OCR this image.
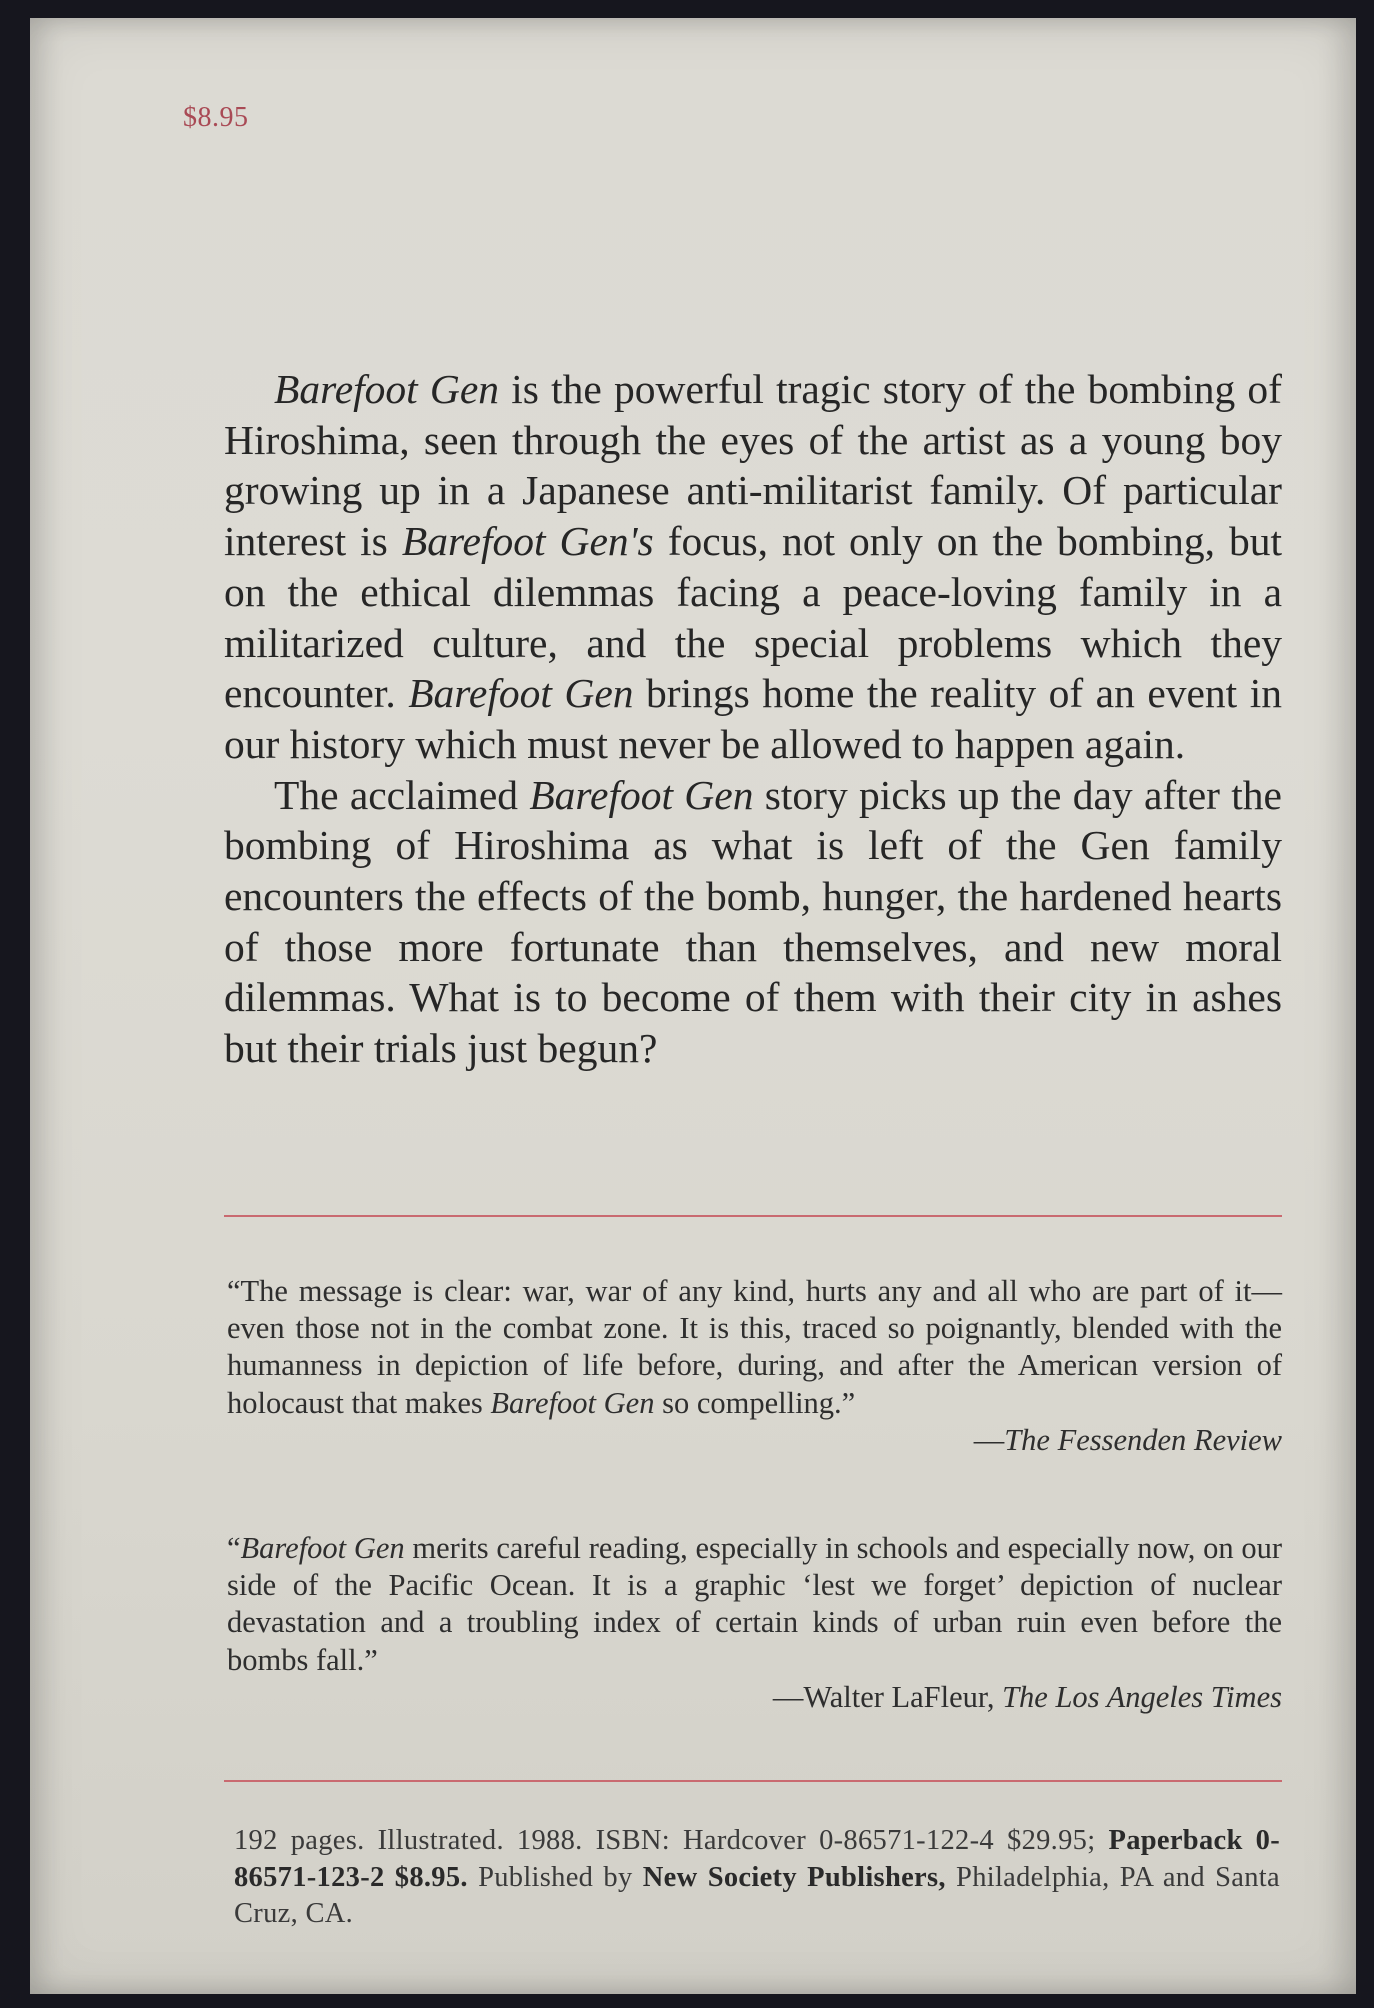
$8.95

Barefoot Gen is the powerful tragic story of the bombing of Hiroshima, seen through the eyes of the artist as a young boy growing up in a Japanese anti-militarist family. Of particular interest is Barefoot Gen's focus, not only on the bombing, but on the ethical dilemmas facing a peace-loving family in a militarized culture, and the special problems which they encounter. Barefoot Gen brings home the reality of an event in our history which must never be allowed to happen again.

The acclaimed Barefoot Gen story picks up the day after the bombing of Hiroshima as what is left of the Gen family encounters the effects of the bomb, hunger, the hardened hearts of those more fortunate than themselves, and new moral dilemmas. What is to become of them with their city in ashes but their trials just begun?

“The message is clear: war, war of any kind, hurts any and all who are part of it—even those not in the combat zone. It is this, traced so poignantly, blended with the humanness in depiction of life before, during, and after the American version of holocaust that makes Barefoot Gen so compelling.”

—The Fessenden Review

“Barefoot Gen merits careful reading, especially in schools and especially now, on our side of the Pacific Ocean. It is a graphic ‘lest we forget’ depiction of nuclear devastation and a troubling index of certain kinds of urban ruin even before the bombs fall.”

—Walter LaFleur, The Los Angeles Times

192 pages. Illustrated. 1988. ISBN: Hardcover 0-86571-122-4 $29.95; Paperback 0-86571-123-2 $8.95. Published by New Society Publishers, Philadelphia, PA and Santa Cruz, CA.
